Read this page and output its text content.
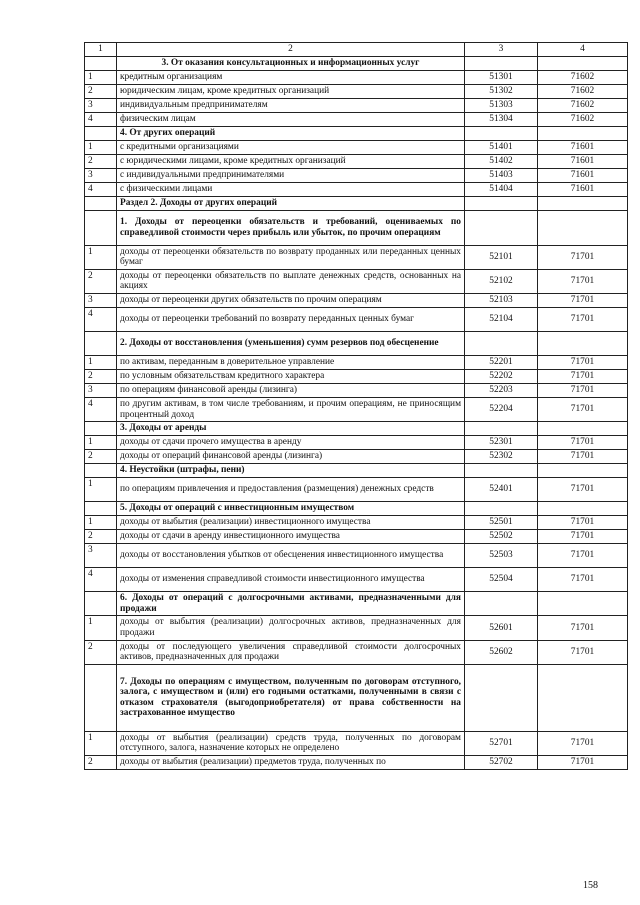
1	2	3	4
	3. От оказания консультационных и информационных услуг		
1	кредитным организациям	51301	71602
2	юридическим лицам, кроме кредитных организаций	51302	71602
3	индивидуальным предпринимателям	51303	71602
4	физическим лицам	51304	71602
	4. От других операций		
1	с кредитными организациями	51401	71601
2	с юридическими лицами, кроме кредитных организаций	51402	71601
3	с индивидуальными предпринимателями	51403	71601
4	с физическими лицами	51404	71601
	Раздел 2. Доходы от других операций		
	1. Доходы от переоценки обязательств и требований, оцениваемых по справедливой стоимости через прибыль или убыток, по прочим операциям		
1	доходы от переоценки обязательств по возврату проданных или переданных ценных бумаг	52101	71701
2	доходы от переоценки обязательств по выплате денежных средств, основанных на акциях	52102	71701
3	доходы от переоценки других обязательств по прочим операциям	52103	71701
4	доходы от переоценки требований по возврату переданных ценных бумаг	52104	71701
	2. Доходы от восстановления (уменьшения) сумм резервов под обесценение		
1	по активам, переданным в доверительное управление	52201	71701
2	по условным обязательствам кредитного характера	52202	71701
3	по операциям финансовой аренды (лизинга)	52203	71701
4	по другим активам, в том числе требованиям, и прочим операциям, не приносящим процентный доход	52204	71701
	3. Доходы от аренды		
1	доходы от сдачи прочего имущества в аренду	52301	71701
2	доходы от операций финансовой аренды (лизинга)	52302	71701
	4. Неустойки (штрафы, пени)		
1	по операциям привлечения и предоставления (размещения) денежных средств	52401	71701
	5. Доходы от операций с инвестиционным имуществом		
1	доходы от выбытия (реализации) инвестиционного имущества	52501	71701
2	доходы от сдачи в аренду инвестиционного имущества	52502	71701
3	доходы от восстановления убытков от обесценения инвестиционного имущества	52503	71701
4	доходы от изменения справедливой стоимости инвестиционного имущества	52504	71701
	6. Доходы от операций с долгосрочными активами, предназначенными для продажи		
1	доходы от выбытия (реализации) долгосрочных активов, предназначенных для продажи	52601	71701
2	доходы от последующего увеличения справедливой стоимости долгосрочных активов, предназначенных для продажи	52602	71701
	7. Доходы по операциям с имуществом, полученным по договорам отступного, залога, с имуществом и (или) его годными остатками, полученными в связи с отказом страхователя (выгодоприобретателя) от права собственности на застрахованное имущество		
1	доходы от выбытия (реализации) средств труда, полученных по договорам отступного, залога, назначение которых не определено	52701	71701
2	доходы от выбытия (реализации) предметов труда, полученных по	52702	71701
158
